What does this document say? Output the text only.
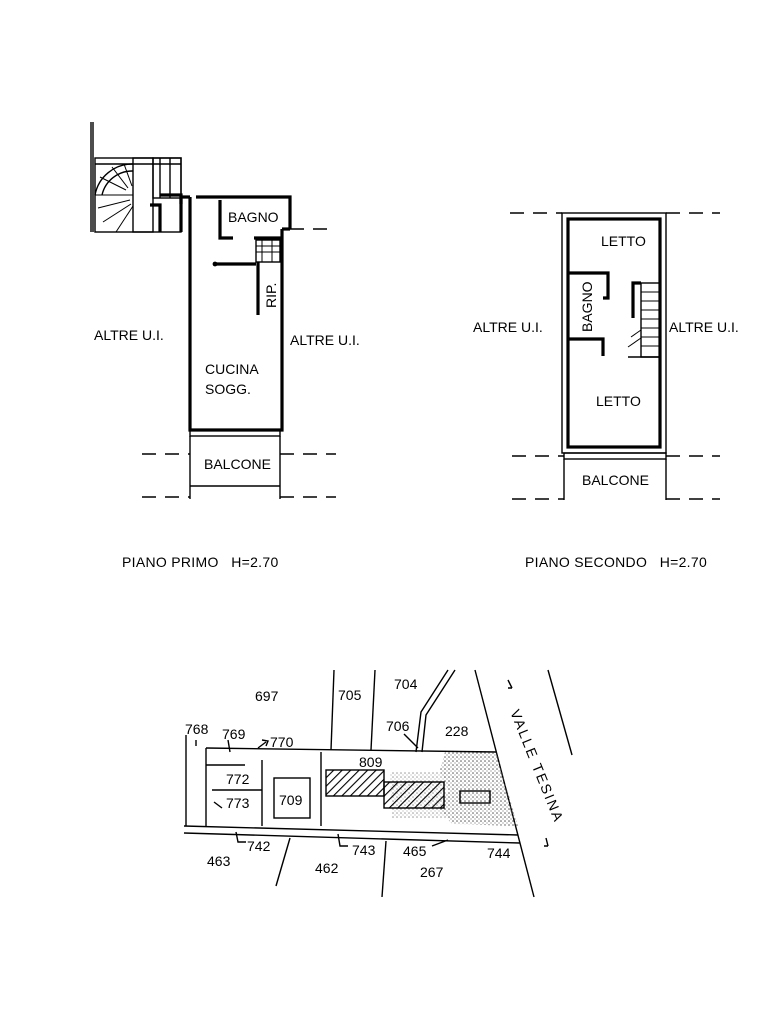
BAGNO
RIP.
CUCINA
SOGG.
BALCONE
ALTRE U.I.	ALTRE U.I.
PIANO PRIMO   H=2.70
LETTO
BAGNO
LETTO
BALCONE
ALTRE U.I.	ALTRE U.I.
PIANO SECONDO   H=2.70
697	705
704
768 769 770
706	228
809
772
773 709
742	743 465	744
463	462	267
VALLE TESINA
